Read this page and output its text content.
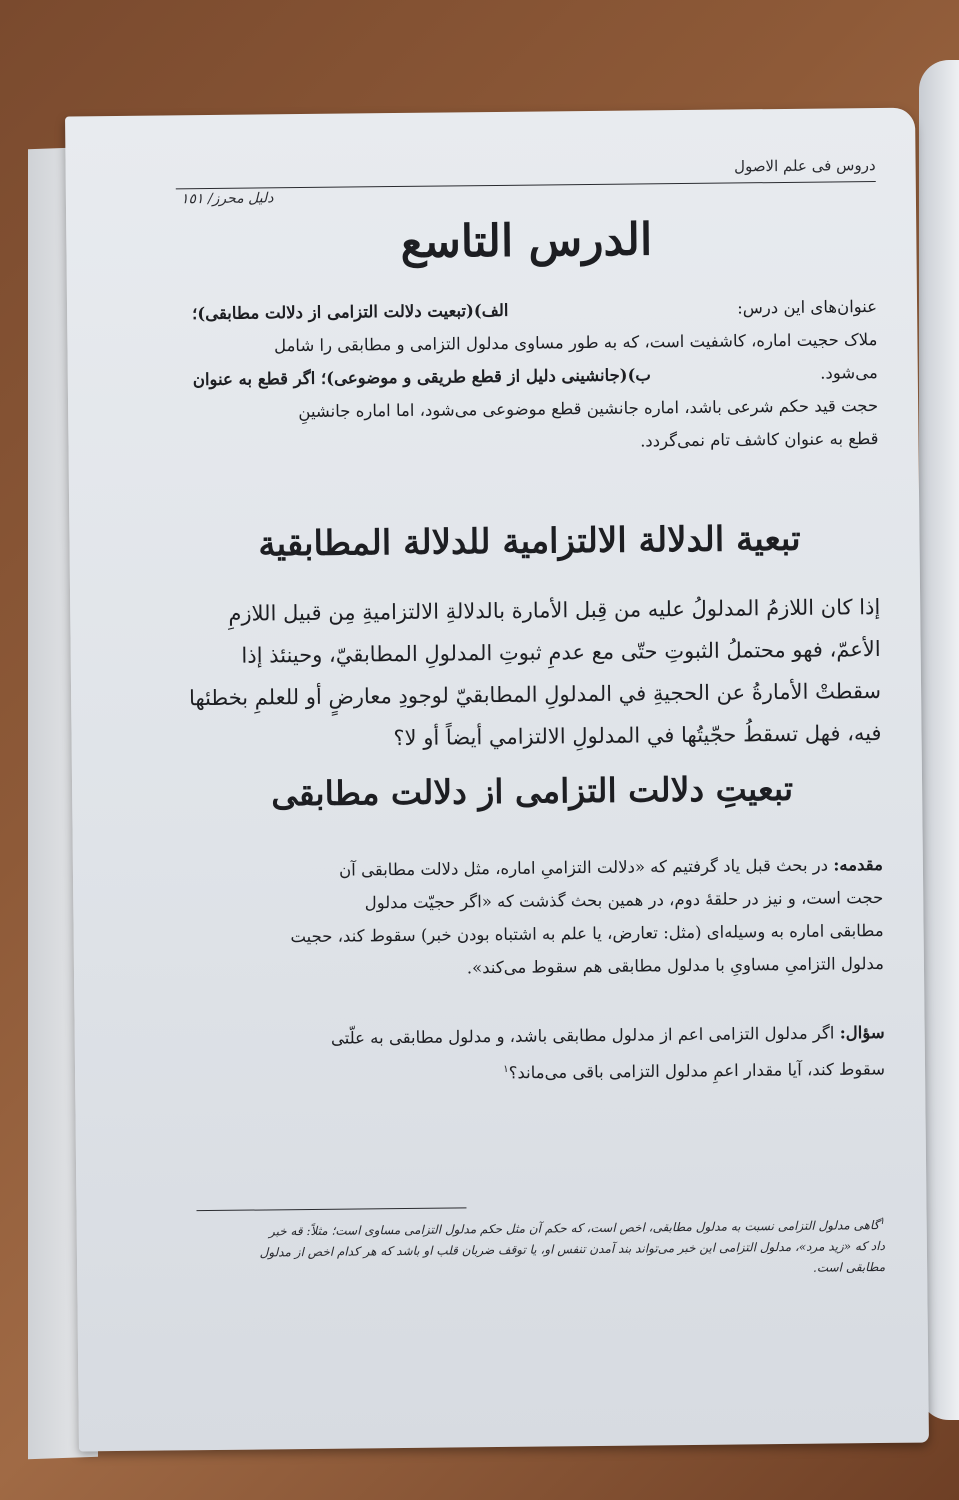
دروس فی علم الاصول
دلیل محرز/ ١٥١
الدرس التاسع
عنوان‌های این درس:
الف)(تبعیت دلالت التزامی از دلالت مطابقی)؛
ملاک حجیت اماره، کاشفیت است، که به طور مساوی مدلول التزامی و مطابقی را شامل
می‌شود.
ب)(جانشینی دلیل از قطع طریقی و موضوعی)؛ اگر قطع به عنوان
حجت قید حکم شرعی باشد، اماره جانشین قطع موضوعی می‌شود، اما اماره جانشینِ
قطع به عنوان کاشف تام نمی‌گردد.
تبعية الدلالة الالتزامية للدلالة المطابقية
إذا كان اللازمُ المدلولُ عليه من قِبل الأمارة بالدلالةِ الالتزاميةِ مِن قبيل اللازمِ
الأعمّ، فهو محتملُ الثبوتِ حتّى مع عدمِ ثبوتِ المدلولِ المطابقيّ، وحينئذ إذا
سقطتْ الأمارةُ عن الحجيةِ في المدلولِ المطابقيّ لوجودِ معارضٍ أو للعلمِ بخطئها
فيه، فهل تسقطُ حجّيتُها في المدلولِ الالتزامي أيضاً أو لا؟
تبعیتِ دلالت التزامی از دلالت مطابقی
مقدمه: در بحث قبل یاد گرفتیم که «دلالت التزامیِ اماره، مثل دلالت مطابقی آن
حجت است، و نیز در حلقهٔ دوم، در همین بحث گذشت که «اگر حجیّت مدلول
مطابقی اماره به وسیله‌ای (مثل: تعارض، یا علم به اشتباه بودن خبر) سقوط کند، حجیت
مدلول التزامیِ مساویِ با مدلول مطابقی هم سقوط می‌کند».
سؤال: اگر مدلول التزامی اعم از مدلول مطابقی باشد، و مدلول مطابقی به علّتی
سقوط کند، آیا مقدار اعمِ مدلول التزامی باقی می‌ماند؟$^١$
$^١$گاهی مدلول التزامی نسبت به مدلول مطابقی، اخص است، که حکم آن مثل حکم مدلول التزامی مساوی است؛ مثلاً: قه خبر
داد که «زید مرد»، مدلول التزامی این خبر می‌تواند بند آمدن تنفس او، یا توقف ضربان قلب او باشد که هر کدام اخص از مدلول
مطابقی است.
